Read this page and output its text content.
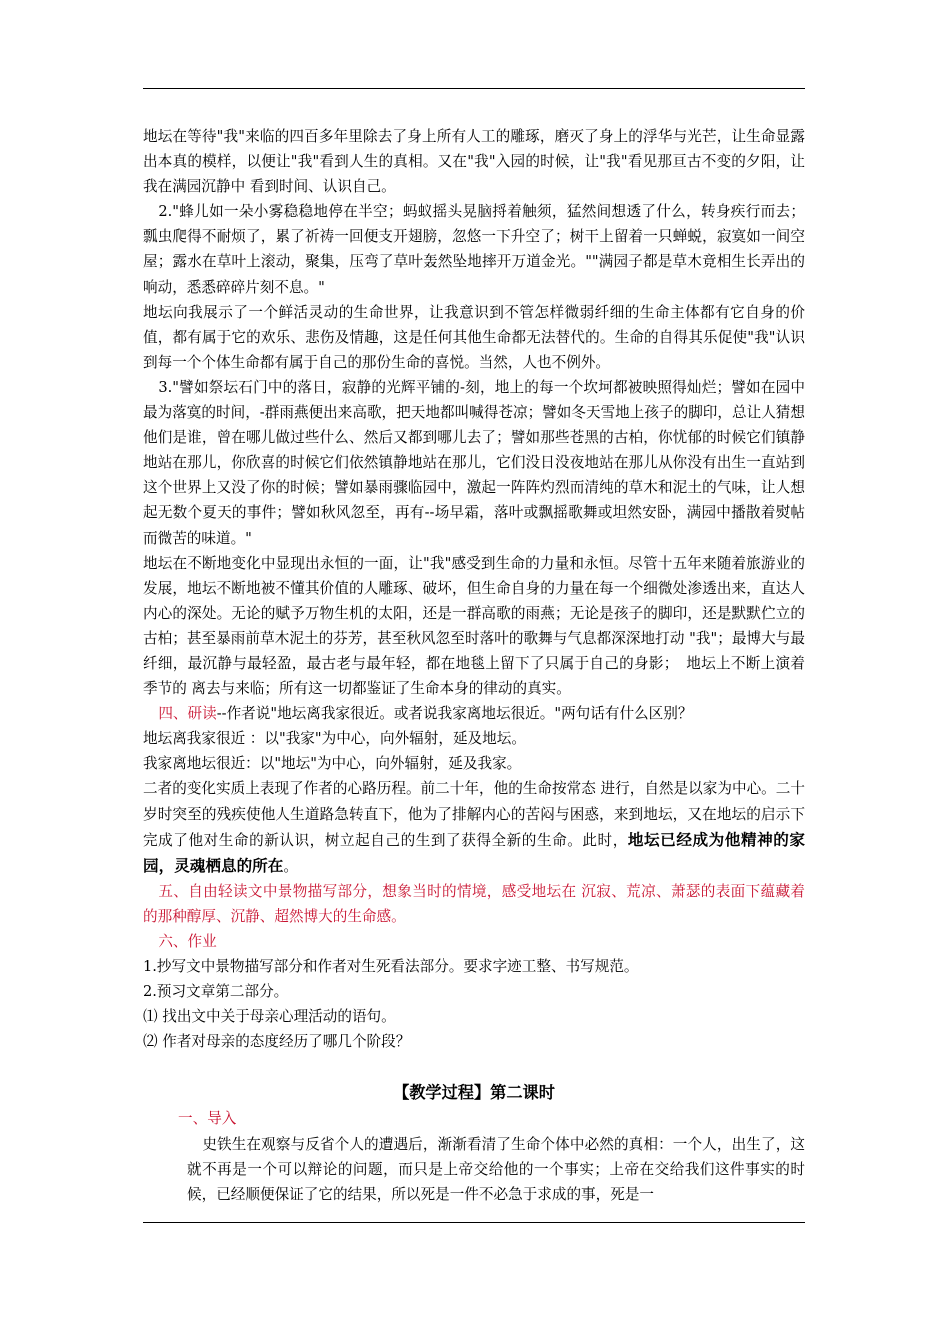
地坛在等待"我"来临的四百多年里除去了身上所有人工的雕琢，磨灭了身上的浮华与光芒，让生命显露出本真的模样，以便让"我"看到人生的真相。又在"我"入园的时候，让"我"看见那亘古不变的夕阳，让我在满园沉静中 看到时间、认识自己。

2."蜂儿如一朵小雾稳稳地停在半空；蚂蚁摇头晃脑捋着触须，猛然间想透了什么，转身疾行而去；瓢虫爬得不耐烦了，累了祈祷一回便支开翅膀，忽悠一下升空了；树干上留着一只蝉蜕，寂寞如一间空屋；露水在草叶上滚动，聚集，压弯了草叶轰然坠地摔开万道金光。""满园子都是草木竟相生长弄出的响动，悉悉碎碎片刻不息。"

地坛向我展示了一个鲜活灵动的生命世界，让我意识到不管怎样微弱纤细的生命主体都有它自身的价值，都有属于它的欢乐、悲伤及情趣，这是任何其他生命都无法替代的。生命的自得其乐促使"我"认识到每一个个体生命都有属于自己的那份生命的喜悦。当然，人也不例外。

3."譬如祭坛石门中的落日，寂静的光辉平铺的-刻，地上的每一个坎坷都被映照得灿烂；譬如在园中最为落寞的时间，-群雨燕便出来高歌，把天地都叫喊得苍凉；譬如冬天雪地上孩子的脚印，总让人猜想他们是谁，曾在哪儿做过些什么、然后又都到哪儿去了；譬如那些苍黑的古柏，你忧郁的时候它们镇静地站在那儿，你欣喜的时候它们依然镇静地站在那儿，它们没日没夜地站在那儿从你没有出生一直站到这个世界上又没了你的时候；譬如暴雨骤临园中，激起一阵阵灼烈而清纯的草木和泥土的气味，让人想起无数个夏天的事件；譬如秋风忽至，再有--场早霜，落叶或飘摇歌舞或坦然安卧，满园中播散着熨帖而微苦的味道。"

地坛在不断地变化中显现出永恒的一面，让"我"感受到生命的力量和永恒。尽管十五年来随着旅游业的发展，地坛不断地被不懂其价值的人雕琢、破坏，但生命自身的力量在每一个细微处渗透出来，直达人内心的深处。无论的赋予万物生机的太阳，还是一群高歌的雨燕；无论是孩子的脚印，还是默默伫立的古柏；甚至暴雨前草木泥土的芬芳，甚至秋风忽至时落叶的歌舞与气息都深深地打动 "我"；最博大与最纤细，最沉静与最轻盈，最古老与最年轻，都在地毯上留下了只属于自己的身影；　地坛上不断上演着季节的 离去与来临；所有这一切都鉴证了生命本身的律动的真实。

四、研读--作者说"地坛离我家很近。或者说我家离地坛很近。"两句话有什么区别？

地坛离我家很近 ：以"我家"为中心，向外辐射，延及地坛。

我家离地坛很近：以"地坛"为中心，向外辐射，延及我家。

二者的变化实质上表现了作者的心路历程。前二十年，他的生命按常态 进行，自然是以家为中心。二十岁时突至的残疾使他人生道路急转直下，他为了排解内心的苦闷与困惑，来到地坛，又在地坛的启示下完成了他对生命的新认识，树立起自己的生到了获得全新的生命。此时，地坛已经成为他精神的家园，灵魂栖息的所在。

五、自由轻读文中景物描写部分，想象当时的情境，感受地坛在 沉寂、荒凉、萧瑟的表面下蕴藏着的那种醇厚、沉静、超然博大的生命感。

六、作业

1.抄写文中景物描写部分和作者对生死看法部分。要求字迹工整、书写规范。

2.预习文章第二部分。

⑴ 找出文中关于母亲心理活动的语句。

⑵ 作者对母亲的态度经历了哪几个阶段？

【教学过程】第二课时

一、导入

史铁生在观察与反省个人的遭遇后，渐渐看清了生命个体中必然的真相：一个人，出生了，这就不再是一个可以辩论的问题，而只是上帝交给他的一个事实；上帝在交给我们这件事实的时候，已经顺便保证了它的结果，所以死是一件不必急于求成的事，死是一
